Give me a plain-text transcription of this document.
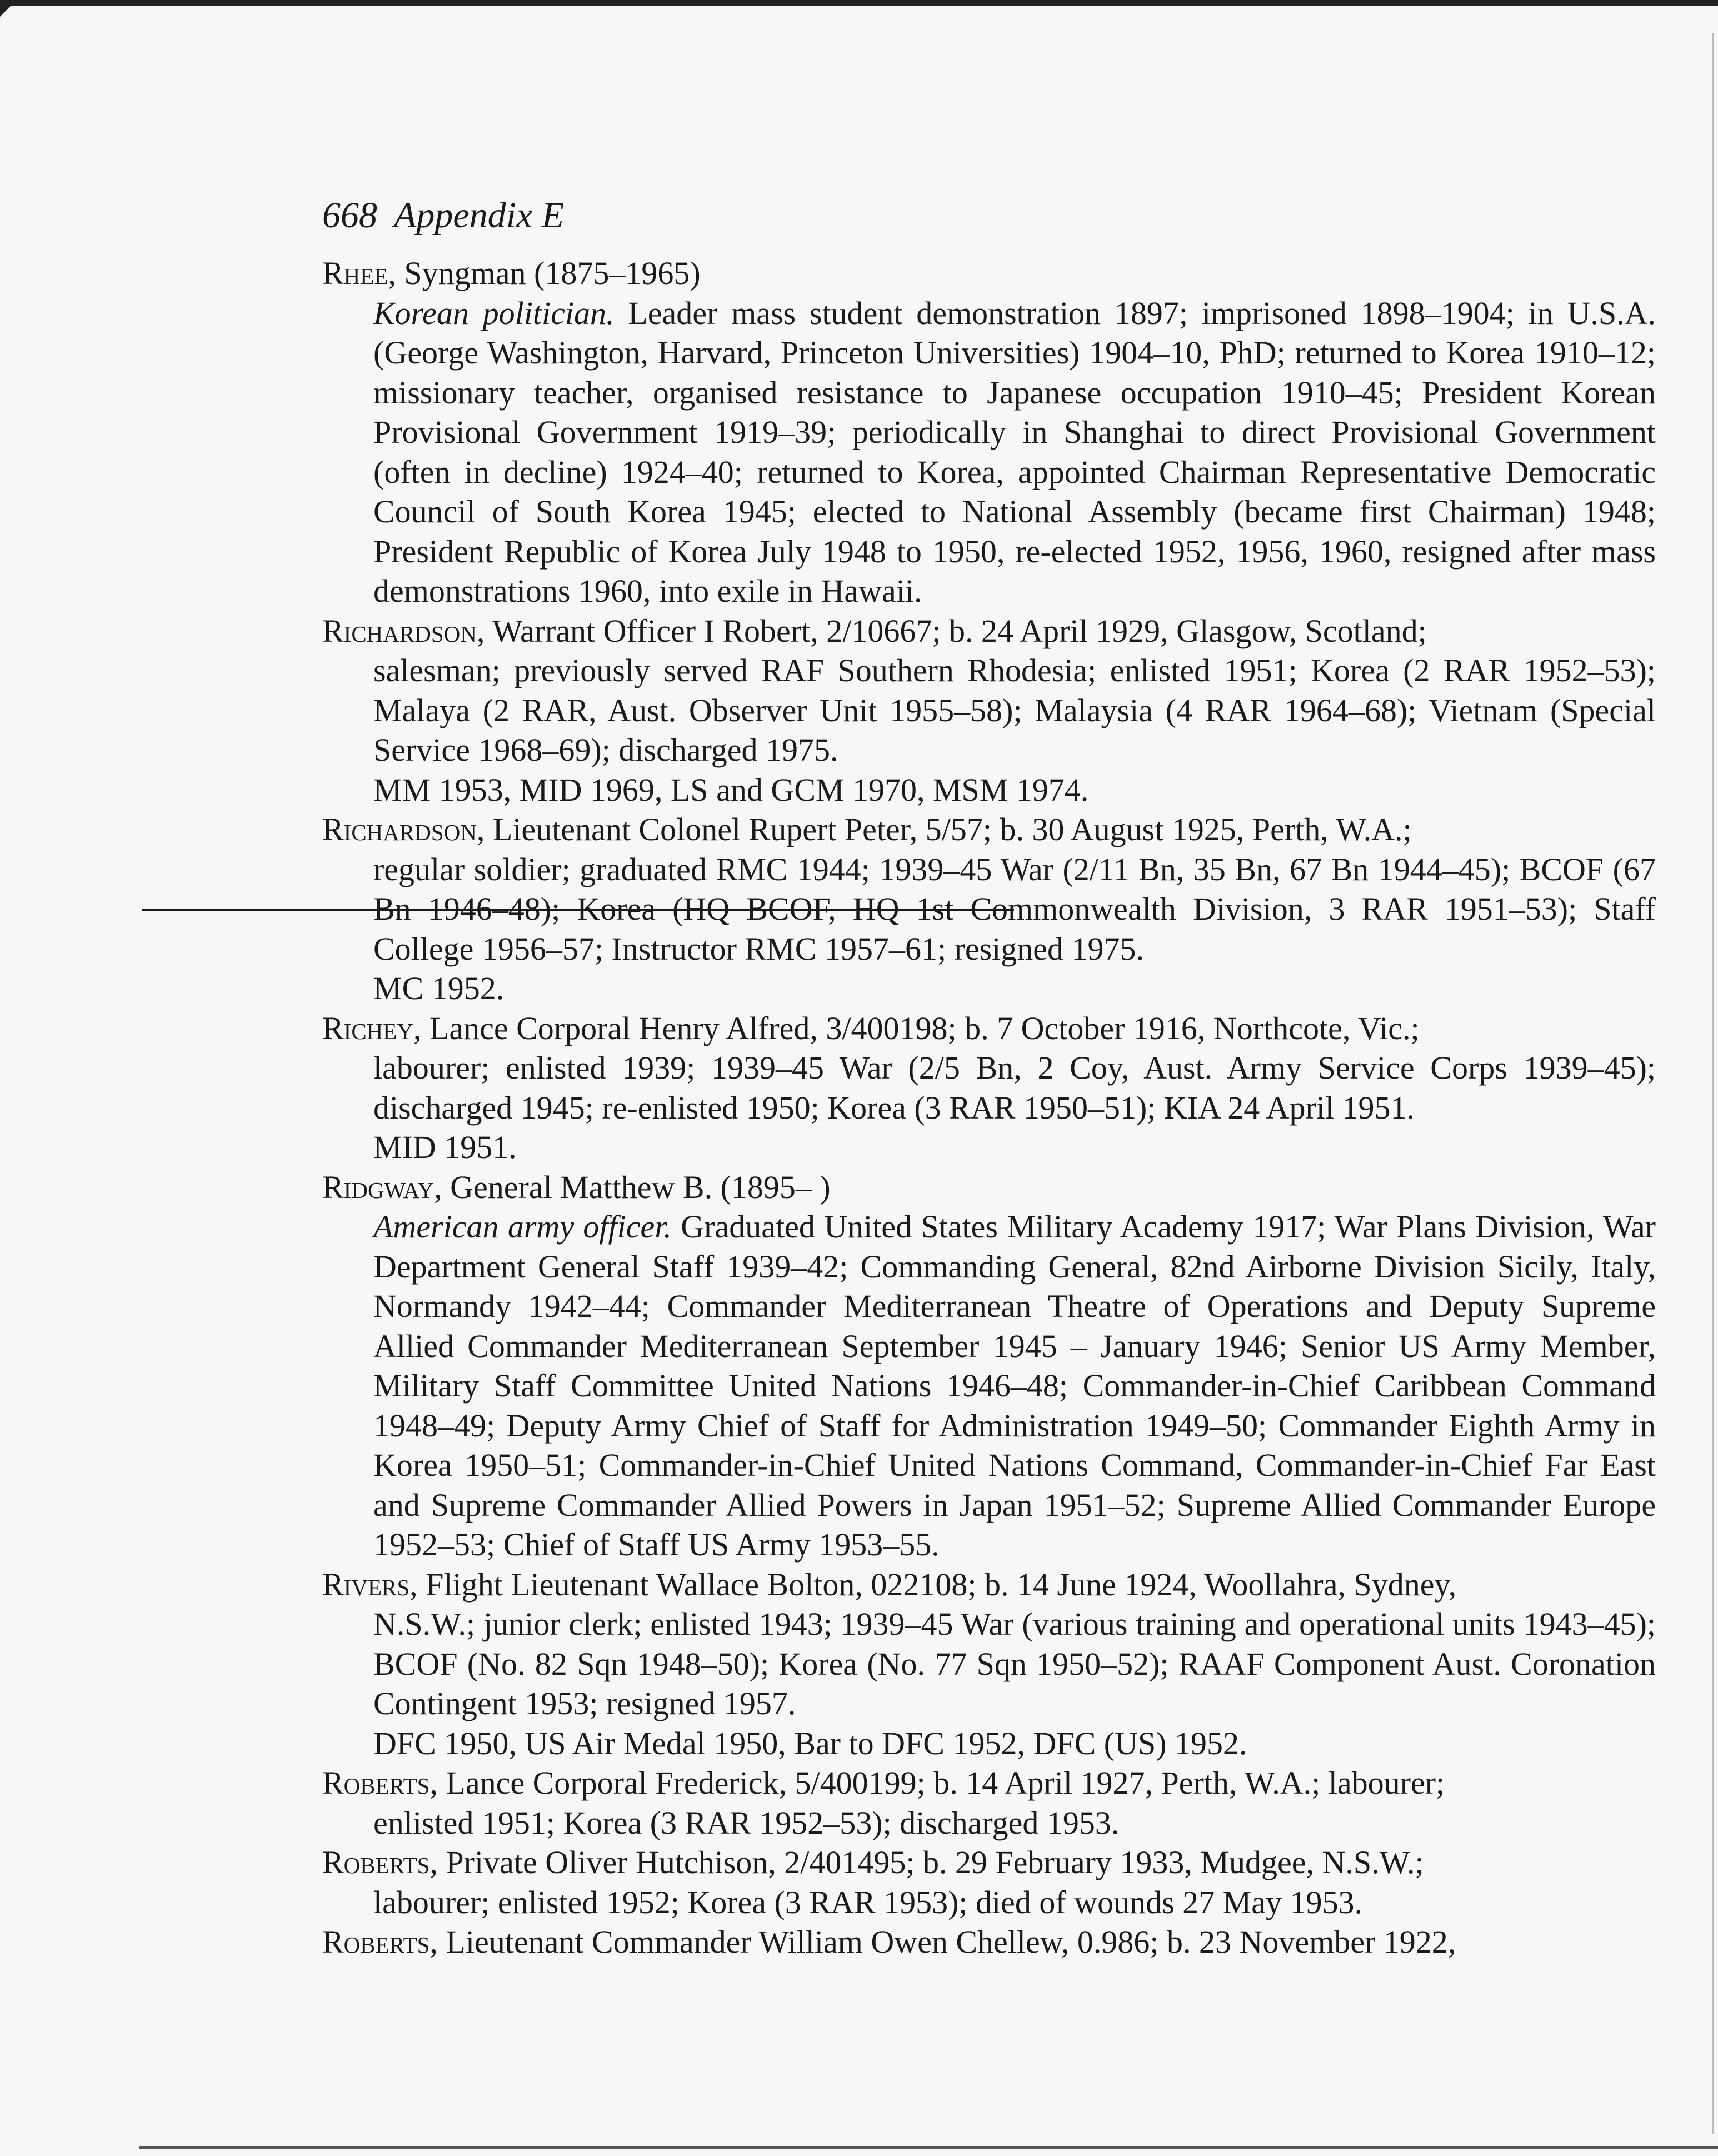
668 Appendix E
Rhee, Syngman (1875–1965)
Korean politician. Leader mass student demonstration 1897; imprisoned 1898–1904; in U.S.A. (George Washington, Harvard, Princeton Universities) 1904–10, PhD; returned to Korea 1910–12; missionary teacher, organised resistance to Japanese occupation 1910–45; President Korean Provisional Government 1919–39; periodically in Shanghai to direct Provisional Government (often in decline) 1924–40; returned to Korea, appointed Chairman Representative Democratic Council of South Korea 1945; elected to National Assembly (became first Chairman) 1948; President Republic of Korea July 1948 to 1950, re-elected 1952, 1956, 1960, resigned after mass demonstrations 1960, into exile in Hawaii.
Richardson, Warrant Officer I Robert, 2/10667; b. 24 April 1929, Glasgow, Scotland;
salesman; previously served RAF Southern Rhodesia; enlisted 1951; Korea (2 RAR 1952–53); Malaya (2 RAR, Aust. Observer Unit 1955–58); Malaysia (4 RAR 1964–68); Vietnam (Special Service 1968–69); discharged 1975.
MM 1953, MID 1969, LS and GCM 1970, MSM 1974.
Richardson, Lieutenant Colonel Rupert Peter, 5/57; b. 30 August 1925, Perth, W.A.;
regular soldier; graduated RMC 1944; 1939–45 War (2/11 Bn, 35 Bn, 67 Bn 1944–45); BCOF (67 Bn 1946–48); Korea (HQ BCOF, HQ 1st Commonwealth Division, 3 RAR 1951–53); Staff College 1956–57; Instructor RMC 1957–61; resigned 1975.
MC 1952.
Richey, Lance Corporal Henry Alfred, 3/400198; b. 7 October 1916, Northcote, Vic.;
labourer; enlisted 1939; 1939–45 War (2/5 Bn, 2 Coy, Aust. Army Service Corps 1939–45); discharged 1945; re-enlisted 1950; Korea (3 RAR 1950–51); KIA 24 April 1951.
MID 1951.
Ridgway, General Matthew B. (1895– )
American army officer. Graduated United States Military Academy 1917; War Plans Division, War Department General Staff 1939–42; Commanding General, 82nd Airborne Division Sicily, Italy, Normandy 1942–44; Commander Mediterranean Theatre of Operations and Deputy Supreme Allied Commander Mediterranean September 1945 – January 1946; Senior US Army Member, Military Staff Committee United Nations 1946–48; Commander-in-Chief Caribbean Command 1948–49; Deputy Army Chief of Staff for Administration 1949–50; Commander Eighth Army in Korea 1950–51; Commander-in-Chief United Nations Command, Commander-in-Chief Far East and Supreme Commander Allied Powers in Japan 1951–52; Supreme Allied Commander Europe 1952–53; Chief of Staff US Army 1953–55.
Rivers, Flight Lieutenant Wallace Bolton, 022108; b. 14 June 1924, Woollahra, Sydney,
N.S.W.; junior clerk; enlisted 1943; 1939–45 War (various training and operational units 1943–45); BCOF (No. 82 Sqn 1948–50); Korea (No. 77 Sqn 1950–52); RAAF Component Aust. Coronation Contingent 1953; resigned 1957.
DFC 1950, US Air Medal 1950, Bar to DFC 1952, DFC (US) 1952.
Roberts, Lance Corporal Frederick, 5/400199; b. 14 April 1927, Perth, W.A.; labourer;
enlisted 1951; Korea (3 RAR 1952–53); discharged 1953.
Roberts, Private Oliver Hutchison, 2/401495; b. 29 February 1933, Mudgee, N.S.W.;
labourer; enlisted 1952; Korea (3 RAR 1953); died of wounds 27 May 1953.
Roberts, Lieutenant Commander William Owen Chellew, 0.986; b. 23 November 1922,
